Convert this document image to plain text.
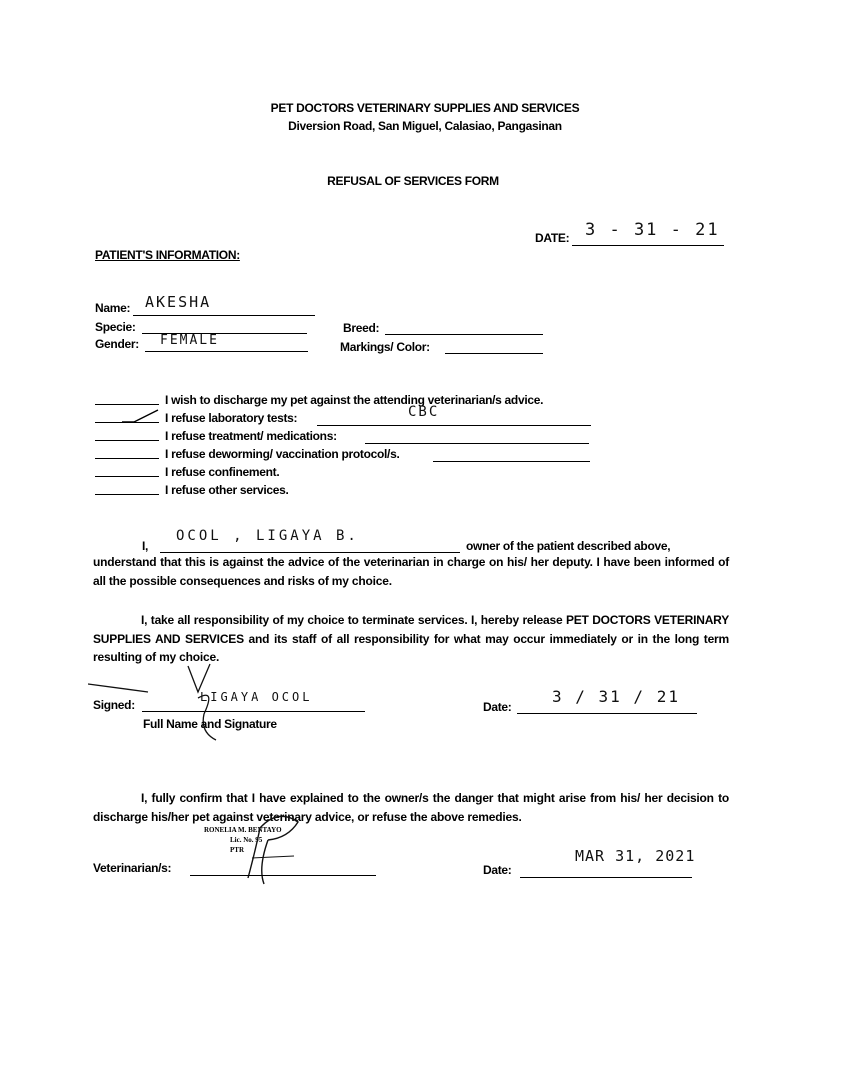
PET DOCTORS VETERINARY SUPPLIES AND SERVICES
Diversion Road, San Miguel, Calasiao, Pangasinan
REFUSAL OF SERVICES FORM
DATE: 3 - 31 - 21
PATIENT'S INFORMATION:
Name: AKESHA
Specie:
Gender: FEMALE
Breed:
Markings/ Color:
I wish to discharge my pet against the attending veterinarian/s advice.
I refuse laboratory tests:	CBC
I refuse treatment/ medications:
I refuse deworming/ vaccination protocol/s.
I refuse confinement.
I refuse other services.
I,
OCOL , LIGAYA B.
owner of the patient described above,
understand that this is against the advice of the veterinarian in charge on his/ her deputy. I have been informed of all the possible consequences and risks of my choice.
I, take all responsibility of my choice to terminate services. I, hereby release PET DOCTORS VETERINARY SUPPLIES AND SERVICES and its staff of all responsibility for what may occur immediately or in the long term resulting of my choice.
Signed:
LIGAYA OCOL
Full Name and Signature
Date:
3 / 31 / 21
I, fully confirm that I have explained to the owner/s the danger that might arise from his/ her decision to discharge his/her pet against veterinary advice, or refuse the above remedies.
RONELIA M. BENTAYO
Lic. No. 95
PTR
Veterinarian/s:	Date:
MAR 31, 2021
